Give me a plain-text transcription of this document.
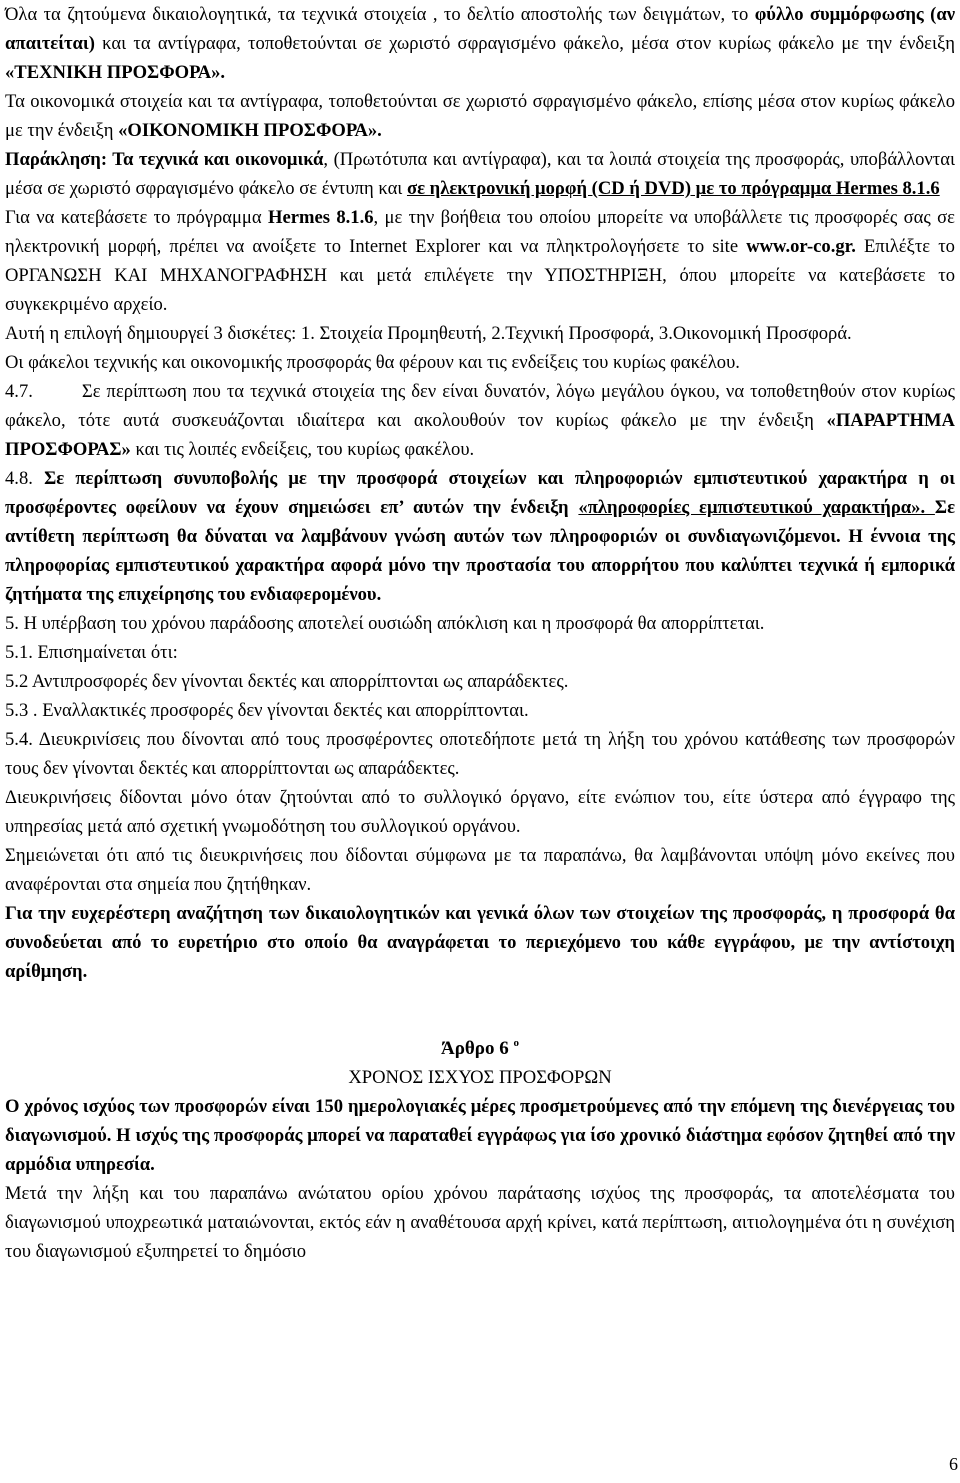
Όλα τα ζητούμενα δικαιολογητικά, τα τεχνικά στοιχεία , το δελτίο αποστολής των δειγμάτων, το φύλλο συμμόρφωσης (αν απαιτείται) και τα αντίγραφα, τοποθετούνται σε χωριστό σφραγισμένο φάκελο, μέσα στον κυρίως φάκελο με την ένδειξη «ΤΕΧΝΙΚΗ ΠΡΟΣΦΟΡΑ».

Τα οικονομικά στοιχεία και τα αντίγραφα, τοποθετούνται σε χωριστό σφραγισμένο φάκελο, επίσης μέσα στον κυρίως φάκελο με την ένδειξη «ΟΙΚΟΝΟΜΙΚΗ ΠΡΟΣΦΟΡΑ».

Παράκληση: Τα τεχνικά και οικονομικά, (Πρωτότυπα και αντίγραφα), και τα λοιπά στοιχεία της προσφοράς, υποβάλλονται μέσα σε χωριστό σφραγισμένο φάκελο σε έντυπη και σε ηλεκτρονική μορφή (CD ή DVD) με το πρόγραμμα Hermes 8.1.6

Για να κατεβάσετε το πρόγραμμα Hermes 8.1.6, με την βοήθεια του οποίου μπορείτε να υποβάλλετε τις προσφορές σας σε ηλεκτρονική μορφή, πρέπει να ανοίξετε το Internet Explorer και να πληκτρολογήσετε το site www.or-co.gr. Επιλέξτε το ΟΡΓΑΝΩΣΗ ΚΑΙ ΜΗΧΑΝΟΓΡΑΦΗΣΗ και μετά επιλέγετε την ΥΠΟΣΤΗΡΙΞΗ, όπου μπορείτε να κατεβάσετε το συγκεκριμένο αρχείο.

Αυτή η επιλογή δημιουργεί 3 δισκέτες: 1. Στοιχεία Προμηθευτή, 2.Τεχνική Προσφορά, 3.Οικονομική Προσφορά.

Οι φάκελοι τεχνικής και οικονομικής προσφοράς θα φέρουν και τις ενδείξεις του κυρίως φακέλου.

4.7.	Σε περίπτωση που τα τεχνικά στοιχεία της δεν είναι δυνατόν, λόγω μεγάλου όγκου, να τοποθετηθούν στον κυρίως φάκελο, τότε αυτά συσκευάζονται ιδιαίτερα και ακολουθούν τον κυρίως φάκελο με την ένδειξη «ΠΑΡΑΡΤΗΜΑ ΠΡΟΣΦΟΡΑΣ» και τις λοιπές ενδείξεις, του κυρίως φακέλου.

4.8. Σε περίπτωση συνυποβολής με την προσφορά στοιχείων και πληροφοριών εμπιστευτικού χαρακτήρα η οι προσφέροντες οφείλουν να έχουν σημειώσει επ’ αυτών την ένδειξη «πληροφορίες εμπιστευτικού χαρακτήρα». Σε αντίθετη περίπτωση θα δύναται να λαμβάνουν γνώση αυτών των πληροφοριών οι συνδιαγωνιζόμενοι. Η έννοια της πληροφορίας εμπιστευτικού χαρακτήρα αφορά μόνο την προστασία του απορρήτου που καλύπτει τεχνικά ή εμπορικά ζητήματα της επιχείρησης του ενδιαφερομένου.

5. Η υπέρβαση του χρόνου παράδοσης αποτελεί ουσιώδη απόκλιση και η προσφορά θα απορρίπτεται.

5.1. Επισημαίνεται ότι:

5.2 Αντιπροσφορές δεν γίνονται δεκτές και απορρίπτονται ως απαράδεκτες.

5.3 . Εναλλακτικές προσφορές δεν γίνονται δεκτές και απορρίπτονται.

5.4. Διευκρινίσεις που δίνονται από τους προσφέροντες οποτεδήποτε μετά τη λήξη του χρόνου κατάθεσης των προσφορών τους δεν γίνονται δεκτές και απορρίπτονται ως απαράδεκτες.

Διευκρινήσεις δίδονται μόνο όταν ζητούνται από το συλλογικό όργανο, είτε ενώπιον του, είτε ύστερα από έγγραφο της υπηρεσίας μετά από σχετική γνωμοδότηση του συλλογικού οργάνου.

Σημειώνεται ότι από τις διευκρινήσεις που δίδονται σύμφωνα με τα παραπάνω, θα λαμβάνονται υπόψη μόνο εκείνες που αναφέρονται στα σημεία που ζητήθηκαν.

Για την ευχερέστερη αναζήτηση των δικαιολογητικών και γενικά όλων των στοιχείων της προσφοράς, η προσφορά θα συνοδεύεται από το ευρετήριο στο οποίο θα αναγράφεται το περιεχόμενο του κάθε εγγράφου, με την αντίστοιχη αρίθμηση.

Άρθρο 6 $^o$

ΧΡΟΝΟΣ ΙΣΧΥΟΣ ΠΡΟΣΦΟΡΩΝ

Ο χρόνος ισχύος των προσφορών είναι 150 ημερολογιακές μέρες προσμετρούμενες από την επόμενη της διενέργειας του διαγωνισμού. Η ισχύς της προσφοράς μπορεί να παραταθεί εγγράφως για ίσο χρονικό διάστημα εφόσον ζητηθεί από την αρμόδια υπηρεσία.

Μετά την λήξη και του παραπάνω ανώτατου ορίου χρόνου παράτασης ισχύος της προσφοράς, τα αποτελέσματα του διαγωνισμού υποχρεωτικά ματαιώνονται, εκτός εάν η αναθέτουσα αρχή κρίνει, κατά περίπτωση, αιτιολογημένα ότι η συνέχιση του διαγωνισμού εξυπηρετεί το δημόσιο

6
